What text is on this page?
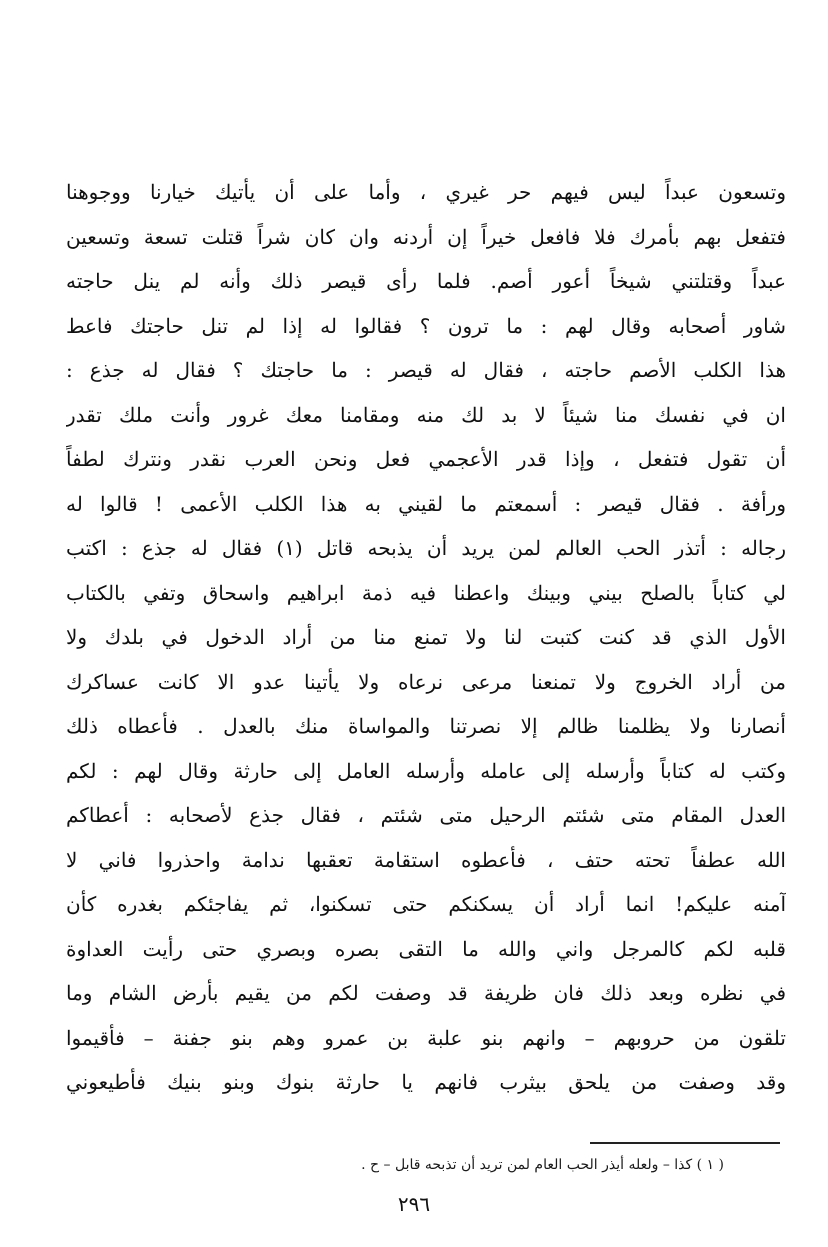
وتسعون عبداً ليس فيهم حر غيري ، وأما على أن يأتيك خيارنا ووجوهنا
فتفعل بهم بأمرك فلا فافعل خيراً إن أردنه وان كان شراً قتلت تسعة وتسعين
عبداً وقتلتني شيخاً أعور أصم. فلما رأى قيصر ذلك وأنه لم ينل حاجته
شاور أصحابه وقال لهم : ما ترون ؟ فقالوا له إذا لم تنل حاجتك فاعط
هذا الكلب الأصم حاجته ، فقال له قيصر : ما حاجتك ؟ فقال له جذع :
ان في نفسك منا شيئاً لا بد لك منه ومقامنا معك غرور وأنت ملك تقدر
أن تقول فتفعل ، وإذا قدر الأعجمي فعل ونحن العرب نقدر ونترك لطفاً
ورأفة . فقال قيصر : أسمعتم ما لقيني به هذا الكلب الأعمى ! قالوا له
رجاله : أتذر الحب العالم لمن يريد أن يذبحه قاتل (١) فقال له جذع : اكتب
لي كتاباً بالصلح بيني وبينك واعطنا فيه ذمة ابراهيم واسحاق وتفي بالكتاب
الأول الذي قد كنت كتبت لنا ولا تمنع منا من أراد الدخول في بلدك ولا
من أراد الخروج ولا تمنعنا مرعى نرعاه ولا يأتينا عدو الا كانت عساكرك
أنصارنا ولا يظلمنا ظالم إلا نصرتنا والمواساة منك بالعدل . فأعطاه ذلك
وكتب له كتاباً وأرسله إلى عامله وأرسله العامل إلى حارثة وقال لهم : لكم
العدل المقام متى شئتم الرحيل متى شئتم ، فقال جذع لأصحابه : أعطاكم
الله عطفاً تحته حتف ، فأعطوه استقامة تعقبها ندامة واحذروا فاني لا
آمنه عليكم! انما أراد أن يسكنكم حتى تسكنوا، ثم يفاجئكم بغدره كأن
قلبه لكم كالمرجل واني والله ما التقى بصره وبصري حتى رأيت العداوة
في نظره وبعد ذلك فان ظريفة قد وصفت لكم من يقيم بأرض الشام وما
تلقون من حروبهم – وانهم بنو علبة بن عمرو وهم بنو جفنة – فأقيموا
وقد وصفت من يلحق بيثرب فانهم يا حارثة بنوك وبنو بنيك فأطيعوني
( ١ ) كذا – ولعله أيذر الحب العام لمن تريد أن تذبحه قابل – ح .
٢٩٦
